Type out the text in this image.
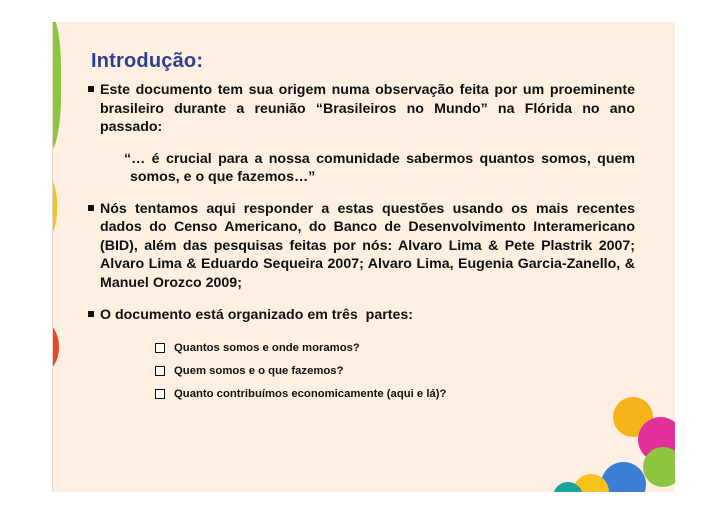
Introdução:

Este documento tem sua origem numa observação feita por um proeminente brasileiro durante a reunião “Brasileiros no Mundo” na Flórida no ano passado:

“… é crucial para a nossa comunidade sabermos quantos somos, quem somos, e o que fazemos…”

Nós tentamos aqui responder a estas questões usando os mais recentes dados do Censo Americano, do Banco de Desenvolvimento Interamericano (BID), além das pesquisas feitas por nós: Alvaro Lima & Pete Plastrik 2007; Alvaro Lima & Eduardo Sequeira 2007; Alvaro Lima, Eugenia Garcia-Zanello, & Manuel Orozco 2009;

O documento está organizado em três  partes:

Quantos somos e onde moramos?
Quem somos e o que fazemos?
Quanto contribuímos economicamente (aqui e lá)?
